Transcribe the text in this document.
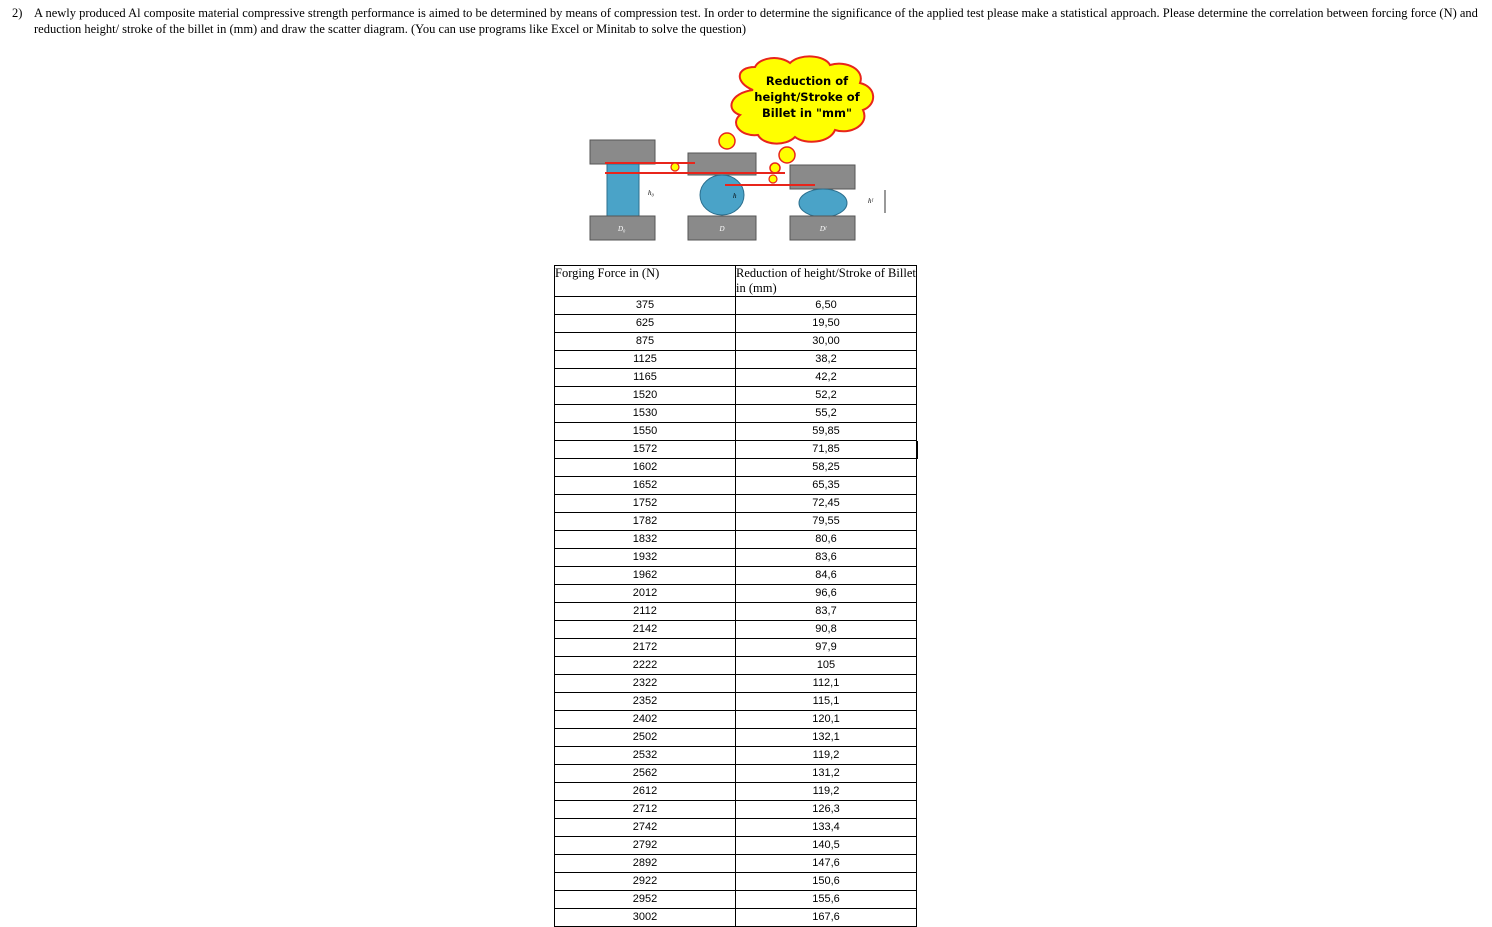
2) A newly produced Al composite material compressive strength performance is aimed to be determined by means of compression test. In order to determine the significance of the applied test please make a statistical approach. Please determine the correlation between forcing force (N) and reduction height/ stroke of the billet in (mm) and draw the scatter diagram. (You can use programs like Excel or Minitab to solve the question)
Reduction of
height/Stroke of
Billet in "mm"
h₀
D₀
h
D
hᶠ
Dᶠ
Forging Force in (N)	Reduction of height/Stroke of Billet in (mm)
375	6,50
625	19,50
875	30,00
1125	38,2
1165	42,2
1520	52,2
1530	55,2
1550	59,85
1572	71,85
1602	58,25
1652	65,35
1752	72,45
1782	79,55
1832	80,6
1932	83,6
1962	84,6
2012	96,6
2112	83,7
2142	90,8
2172	97,9
2222	105
2322	112,1
2352	115,1
2402	120,1
2502	132,1
2532	119,2
2562	131,2
2612	119,2
2712	126,3
2742	133,4
2792	140,5
2892	147,6
2922	150,6
2952	155,6
3002	167,6
